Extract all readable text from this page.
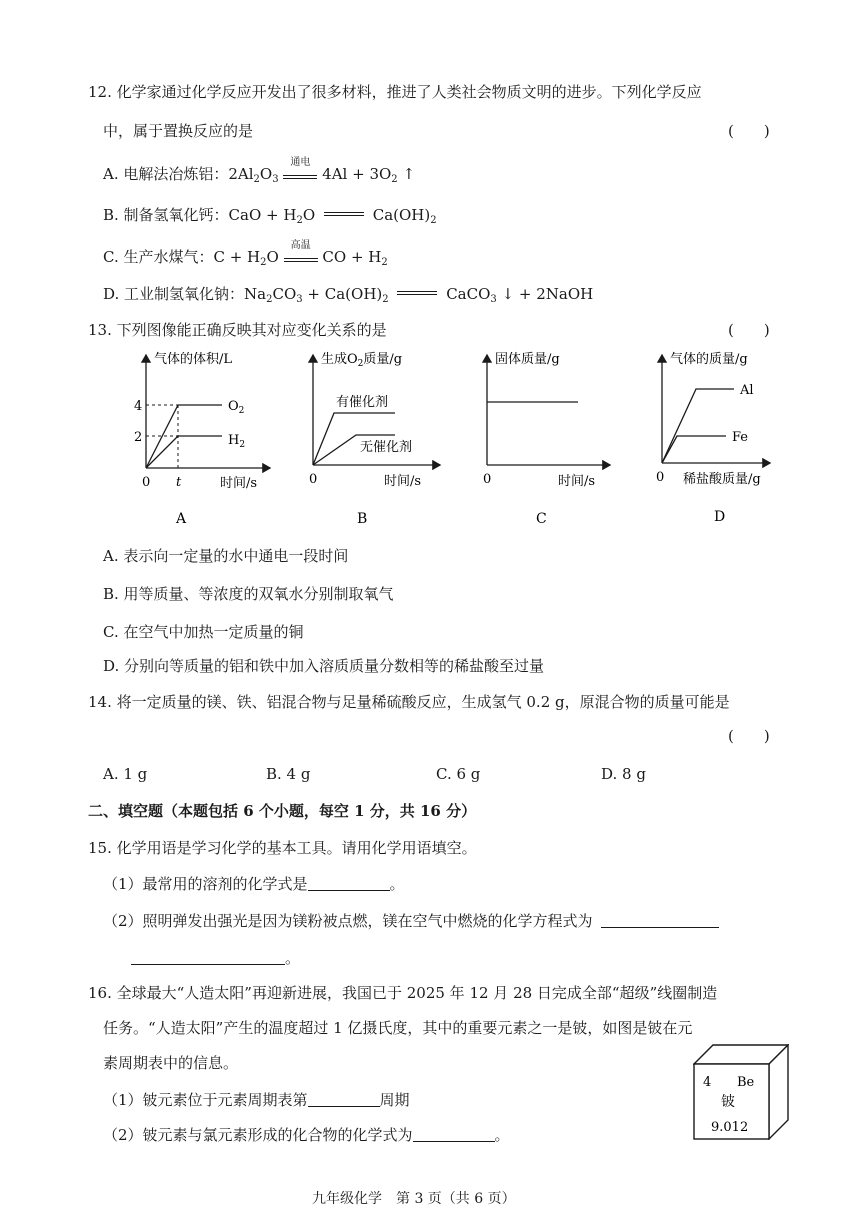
12. 化学家通过化学反应开发出了很多材料，推进了人类社会物质文明的进步。下列化学反应
中，属于置换反应的是	(　　)
A. 电解法冶炼铝：$2Al_2O_3$
通电
$4Al + 3O_2$ ↑
B. 制备氢氧化钙：CaO + $H_2O$	$Ca(OH)_2$
C. 生产水煤气：$C + H_2O$
高温
CO + $H_2$
D. 工业制氢氧化钠：$Na_2CO_3 + Ca(OH)_2$	CaCO$_3$ ↓ + 2NaOH
13. 下列图像能正确反映其对应变化关系的是	(　　)
气体的体积/L
时间/s
4
2
0 t
$O_2$
$H_2$
A
生成$O_2$质量/g
时间/s
0
有催化剂
无催化剂
B
固体质量/g
时间/s
0
C
气体的质量/g
稀盐酸质量/g
0
Al
Fe
D
A. 表示向一定量的水中通电一段时间
B. 用等质量、等浓度的双氧水分别制取氧气
C. 在空气中加热一定质量的铜
D. 分别向等质量的铝和铁中加入溶质质量分数相等的稀盐酸至过量
14. 将一定质量的镁、铁、铝混合物与足量稀硫酸反应，生成氢气 0.2 g，原混合物的质量可能是
(　　)
A. 1 g	B. 4 g	C. 6 g	D. 8 g
二、填空题（本题包括 6 个小题，每空 1 分，共 16 分）
15. 化学用语是学习化学的基本工具。请用化学用语填空。
（1）最常用的溶剂的化学式是	。
（2）照明弹发出强光是因为镁粉被点燃，镁在空气中燃烧的化学方程式为
。
16. 全球最大“人造太阳”再迎新进展，我国已于 2025 年 12 月 28 日完成全部“超级”线圈制造
任务。“人造太阳”产生的温度超过 1 亿摄氏度，其中的重要元素之一是铍，如图是铍在元
素周期表中的信息。
（1）铍元素位于元素周期表第	周期
（2）铍元素与氯元素形成的化合物的化学式为	。
4 Be
铍
9.012
九年级化学　第 3 页（共 6 页）
